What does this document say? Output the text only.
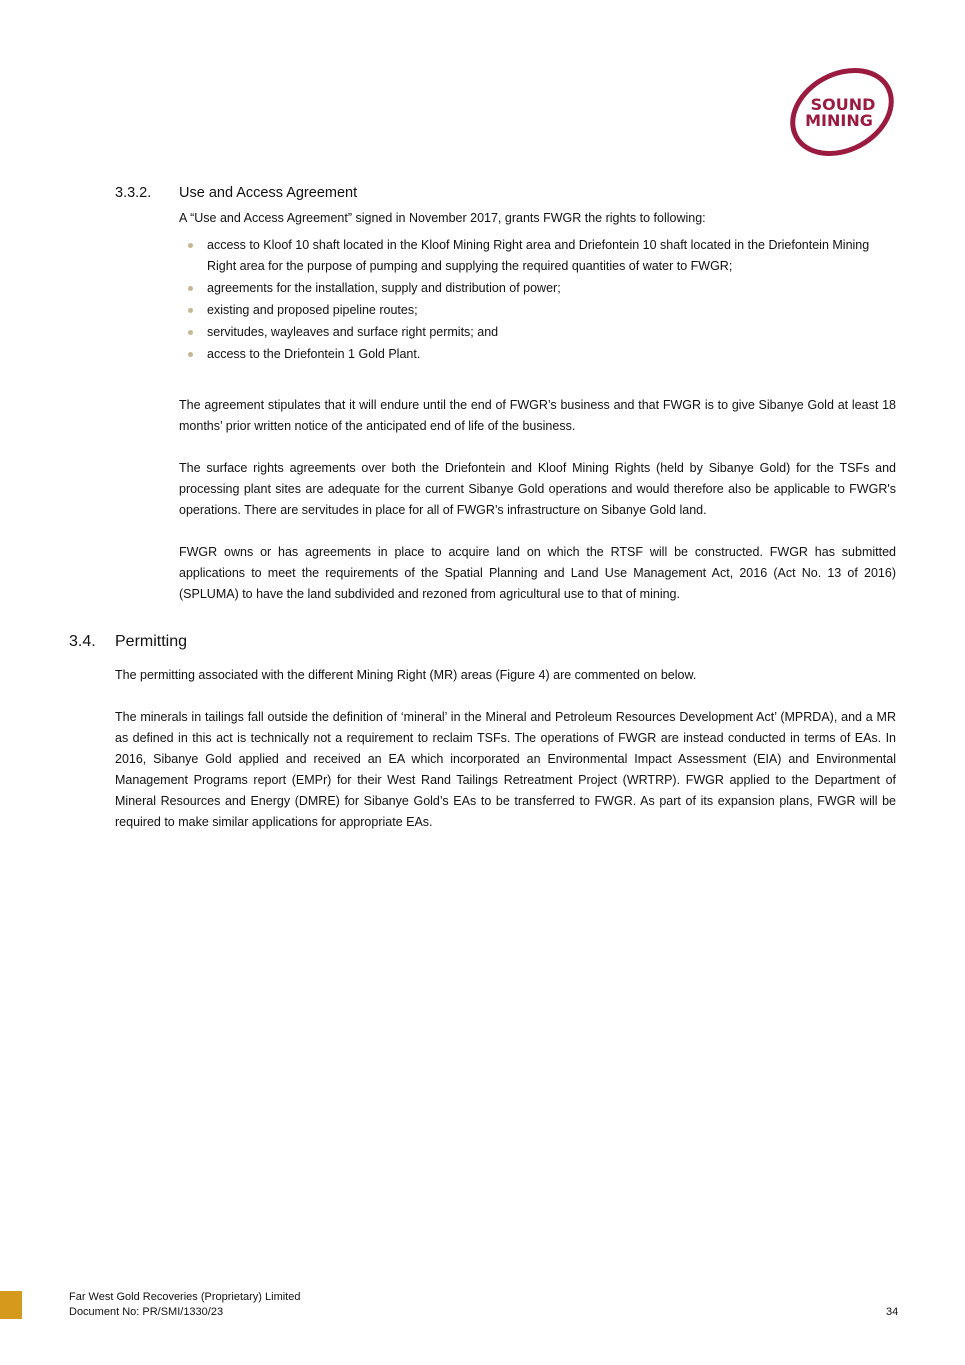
SOUND
MINING
3.3.2. Use and Access Agreement

A “Use and Access Agreement” signed in November 2017, grants FWGR the rights to following:

access to Kloof 10 shaft located in the Kloof Mining Right area and Driefontein 10 shaft located in the Driefontein Mining Right area for the purpose of pumping and supplying the required quantities of water to FWGR;
agreements for the installation, supply and distribution of power;
existing and proposed pipeline routes;
servitudes, wayleaves and surface right permits; and
access to the Driefontein 1 Gold Plant.

The agreement stipulates that it will endure until the end of FWGR’s business and that FWGR is to give Sibanye Gold at least 18 months’ prior written notice of the anticipated end of life of the business.

The surface rights agreements over both the Driefontein and Kloof Mining Rights (held by Sibanye Gold) for the TSFs and processing plant sites are adequate for the current Sibanye Gold operations and would therefore also be applicable to FWGR's operations. There are servitudes in place for all of FWGR’s infrastructure on Sibanye Gold land.

FWGR owns or has agreements in place to acquire land on which the RTSF will be constructed. FWGR has submitted applications to meet the requirements of the Spatial Planning and Land Use Management Act, 2016 (Act No. 13 of 2016) (SPLUMA) to have the land subdivided and rezoned from agricultural use to that of mining.

3.4. Permitting

The permitting associated with the different Mining Right (MR) areas (Figure 4) are commented on below.

The minerals in tailings fall outside the definition of ‘mineral’ in the Mineral and Petroleum Resources Development Act’ (MPRDA), and a MR as defined in this act is technically not a requirement to reclaim TSFs. The operations of FWGR are instead conducted in terms of EAs. In 2016, Sibanye Gold applied and received an EA which incorporated an Environmental Impact Assessment (EIA) and Environmental Management Programs report (EMPr) for their West Rand Tailings Retreatment Project (WRTRP). FWGR applied to the Department of Mineral Resources and Energy (DMRE) for Sibanye Gold’s EAs to be transferred to FWGR. As part of its expansion plans, FWGR will be required to make similar applications for appropriate EAs.

Far West Gold Recoveries (Proprietary) Limited
Document No: PR/SMI/1330/23	34
